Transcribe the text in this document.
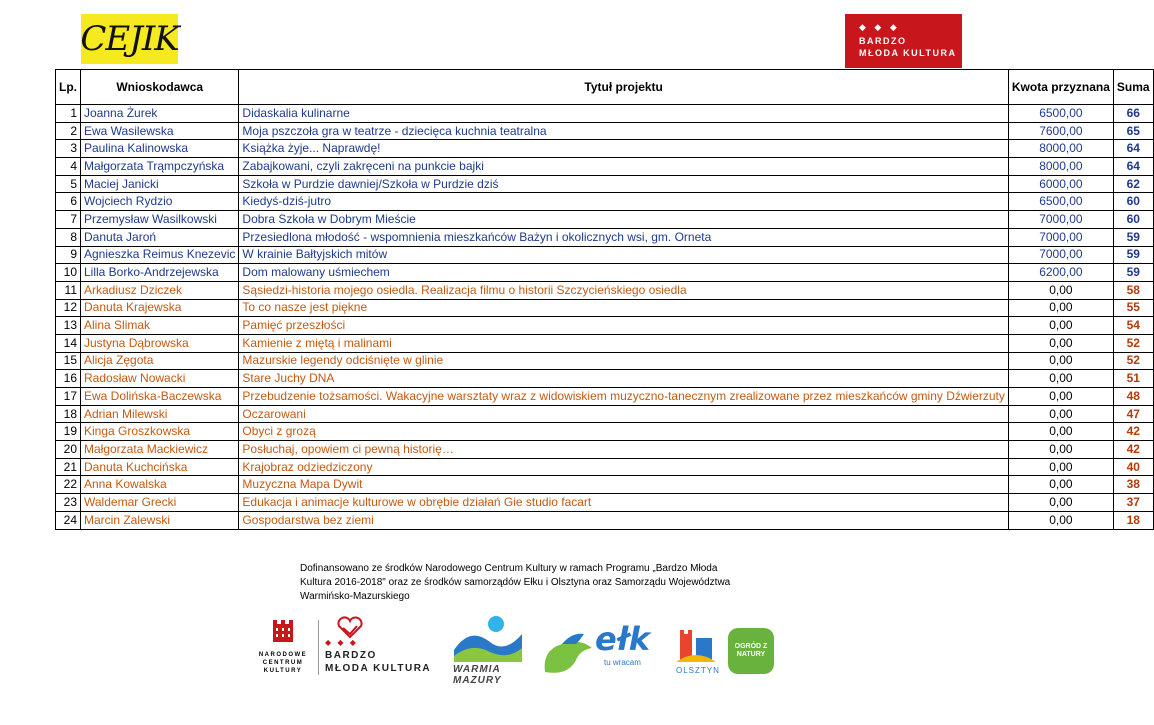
CEJIK	◆ ◆ ◆
BARDZO
MŁODA KULTURA
Lp.	Wnioskodawca	Tytuł projektu	Kwota przyznana	Suma
1	Joanna Żurek	Didaskalia kulinarne	6500,00	66
2	Ewa Wasilewska	Moja pszczoła gra w teatrze - dziecięca kuchnia teatralna	7600,00	65
3	Paulina Kalinowska	Książka żyje... Naprawdę!	8000,00	64
4	Małgorzata Trąmpczyńska	Zabajkowani, czyli zakręceni na punkcie bajki	8000,00	64
5	Maciej Janicki	Szkoła w Purdzie dawniej/Szkoła w Purdzie dziś	6000,00	62
6	Wojciech Rydzio	Kiedyś-dziś-jutro	6500,00	60
7	Przemysław Wasilkowski	Dobra Szkoła w Dobrym Mieście	7000,00	60
8	Danuta Jaroń	Przesiedlona młodość - wspomnienia mieszkańców Bażyn i okolicznych wsi, gm. Orneta	7000,00	59
9	Agnieszka Reimus Knezevic	W krainie Bałtyjskich mitów	7000,00	59
10	Lilla Borko-Andrzejewska	Dom malowany uśmiechem	6200,00	59
11	Arkadiusz Dziczek	Sąsiedzi-historia mojego osiedla. Realizacja filmu o historii Szczycieńskiego osiedla	0,00	58
12	Danuta Krajewska	To co nasze jest piękne	0,00	55
13	Alina Slimak	Pamięć przeszłości	0,00	54
14	Justyna Dąbrowska	Kamienie z miętą i malinami	0,00	52
15	Alicja Zęgota	Mazurskie legendy odciśnięte w glinie	0,00	52
16	Radosław Nowacki	Stare Juchy DNA	0,00	51
17	Ewa Dolińska-Baczewska	Przebudzenie tożsamości. Wakacyjne warsztaty wraz z widowiskiem muzyczno-tanecznym zrealizowane przez mieszkańców gminy Dźwierzuty	0,00	48
18	Adrian Milewski	Oczarowani	0,00	47
19	Kinga Groszkowska	Obyci z grozą	0,00	42
20	Małgorzata Mackiewicz	Posłuchaj, opowiem ci pewną historię…	0,00	42
21	Danuta Kuchcińska	Krajobraz odziedziczony	0,00	40
22	Anna Kowalska	Muzyczna Mapa Dywit	0,00	38
23	Waldemar Grecki	Edukacja i animacje kulturowe w obrębie działań Gie studio facart	0,00	37
24	Marcin Zalewski	Gospodarstwa bez ziemi	0,00	18
Dofinansowano ze środków Narodowego Centrum Kultury w ramach Programu „Bardzo Młoda Kultura 2016-2018" oraz ze środków samorządów Ełku i Olsztyna oraz Samorządu Województwa Warmińsko-Mazurskiego
NARODOWE CENTRUM KULTURY
◆ ◆ ◆
BARDZO
MŁODA KULTURA WARMIA
MAZURY
ełk
tu wracam
OLSZTYN
OGRÓD Z NATURY
